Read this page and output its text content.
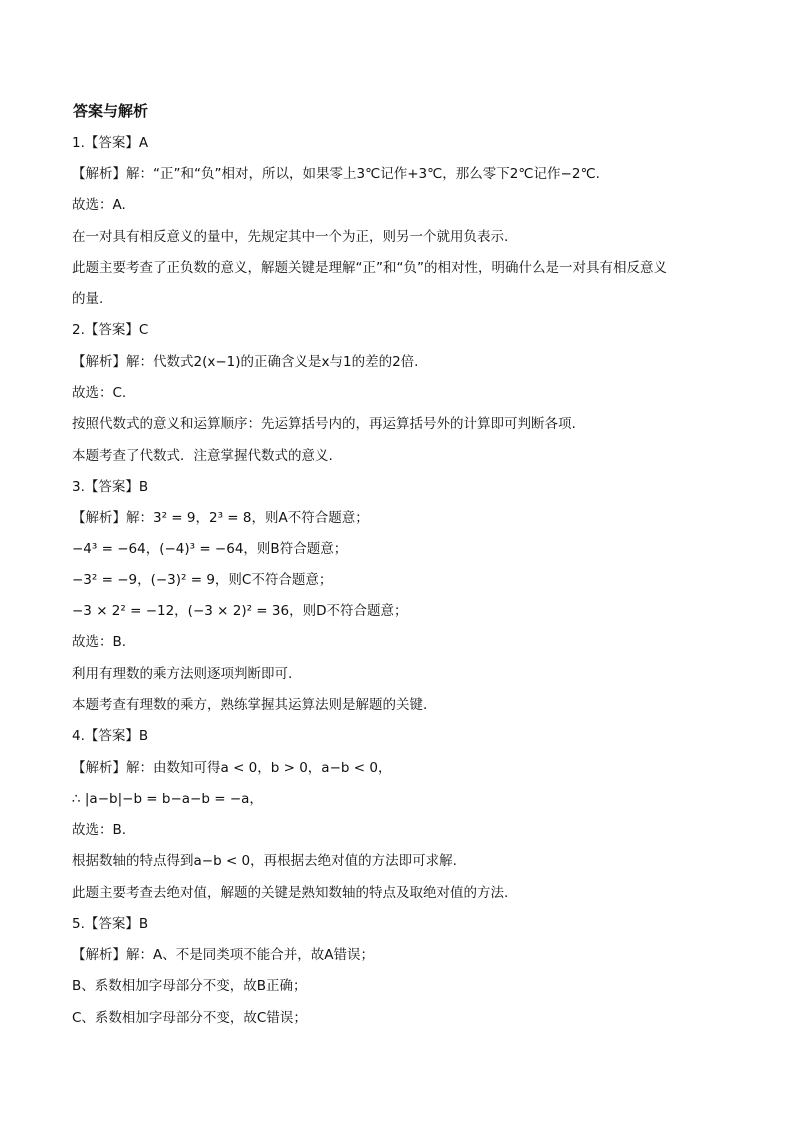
答案与解析
1.【答案】A
【解析】解：“正”和“负”相对，所以，如果零上3℃记作+3℃，那么零下2℃记作−2℃.
故选：A.
在一对具有相反意义的量中，先规定其中一个为正，则另一个就用负表示.
此题主要考查了正负数的意义，解题关键是理解“正”和“负”的相对性，明确什么是一对具有相反意义
的量.
2.【答案】C
【解析】解：代数式2(x−1)的正确含义是x与1的差的2倍.
故选：C.
按照代数式的意义和运算顺序：先运算括号内的，再运算括号外的计算即可判断各项.
本题考查了代数式．注意掌握代数式的意义.
3.【答案】B
【解析】解：3² = 9，2³ = 8，则A不符合题意；
−4³ = −64，(−4)³ = −64，则B符合题意；
−3² = −9，(−3)² = 9，则C不符合题意；
−3 × 2² = −12，(−3 × 2)² = 36，则D不符合题意；
故选：B.
利用有理数的乘方法则逐项判断即可.
本题考查有理数的乘方，熟练掌握其运算法则是解题的关键.
4.【答案】B
【解析】解：由数知可得a < 0，b > 0，a−b < 0，
∴ |a−b|−b = b−a−b = −a，
故选：B.
根据数轴的特点得到a−b < 0，再根据去绝对值的方法即可求解.
此题主要考查去绝对值，解题的关键是熟知数轴的特点及取绝对值的方法.
5.【答案】B
【解析】解：A、不是同类项不能合并，故A错误；
B、系数相加字母部分不变，故B正确；
C、系数相加字母部分不变，故C错误；
